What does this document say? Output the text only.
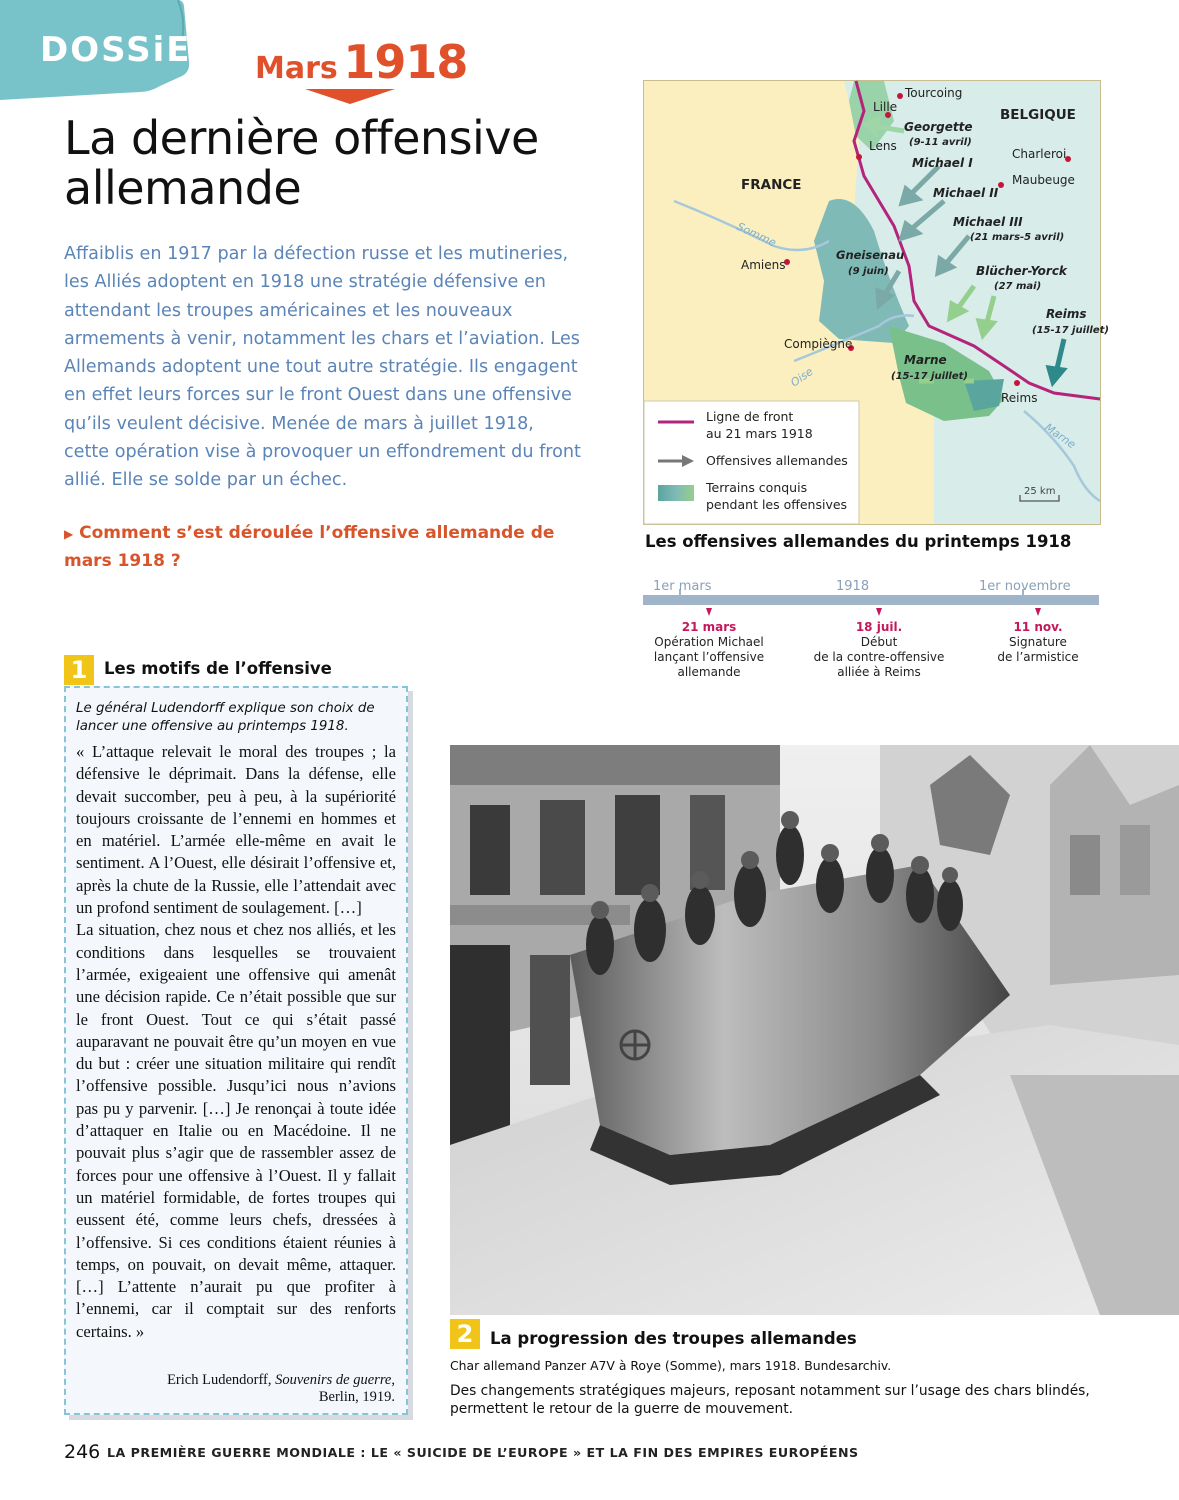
DOSSiER Mars 1918
La dernière offensive
allemande
Affaiblis en 1917 par la défection russe et les mutineries, les Alliés adoptent en 1918 une stratégie défensive en attendant les troupes américaines et les nouveaux armements à venir, notamment les chars et l’aviation. Les Allemands adoptent une tout autre stratégie. Ils engagent en effet leurs forces sur le front Ouest dans une offensive qu’ils veulent décisive. Menée de mars à juillet 1918, cette opération vise à provoquer un effondrement du front allié. Elle se solde par un échec.
▶ Comment s’est déroulée l’offensive allemande de mars 1918 ?
FRANCE
BELGIQUE
Tourcoing
Lille
Lens
Charleroi
Maubeuge
Amiens
Compiègne
Reims
Somme
Oise
Marne
Georgette
(9-11 avril)
Michael I
Michael II
Michael III
(21 mars-5 avril)
Gneisenau
(9 juin)	Blücher-Yorck
(27 mai)
Reims
(15-17 juillet)
Marne
(15-17 juillet)
Ligne de front
au 21 mars 1918
Offensives allemandes
Terrains conquis
pendant les offensives
25 km
Les offensives allemandes du printemps 1918
1er mars	1918	1er novembre
21 mars
Opération Michael
lançant l’offensive
allemande
18 juil.
Début
de la contre-offensive
alliée à Reims
11 nov.
Signature
de l’armistice
1	Les motifs de l’offensive
Le général Ludendorff explique son choix de lancer une offensive au printemps 1918.
« L’attaque relevait le moral des troupes ; la défensive le déprimait. Dans la défense, elle devait succomber, peu à peu, à la supériorité toujours croissante de l’ennemi en hommes et en matériel. L’armée elle-même en avait le sentiment. A l’Ouest, elle désirait l’offensive et, après la chute de la Russie, elle l’attendait avec un profond sentiment de soulagement. […]
La situation, chez nous et chez nos alliés, et les conditions dans lesquelles se trouvaient l’armée, exigeaient une offensive qui amenât une décision rapide. Ce n’était possible que sur le front Ouest. Tout ce qui s’était passé auparavant ne pouvait être qu’un moyen en vue du but : créer une situation militaire qui rendît l’offensive possible. Jusqu’ici nous n’avions pas pu y parvenir. […] Je renonçai à toute idée d’attaquer en Italie ou en Macédoine. Il ne pouvait plus s’agir que de rassembler assez de forces pour une offensive à l’Ouest. Il y fallait un matériel formidable, de fortes troupes qui eussent été, comme leurs chefs, dressées à l’offensive. Si ces conditions étaient réunies à temps, on pouvait, on devait même, attaquer. […] L’attente n’aurait pu que profiter à l’ennemi, car il comptait sur des renforts certains. »
Erich Ludendorff, Souvenirs de guerre,
Berlin, 1919.
2	La progression des troupes allemandes
Char allemand Panzer A7V à Roye (Somme), mars 1918. Bundesarchiv.
Des changements stratégiques majeurs, reposant notamment sur l’usage des chars blindés, permettent le retour de la guerre de mouvement.
246 LA PREMIÈRE GUERRE MONDIALE : LE « SUICIDE DE L’EUROPE » ET LA FIN DES EMPIRES EUROPÉENS
